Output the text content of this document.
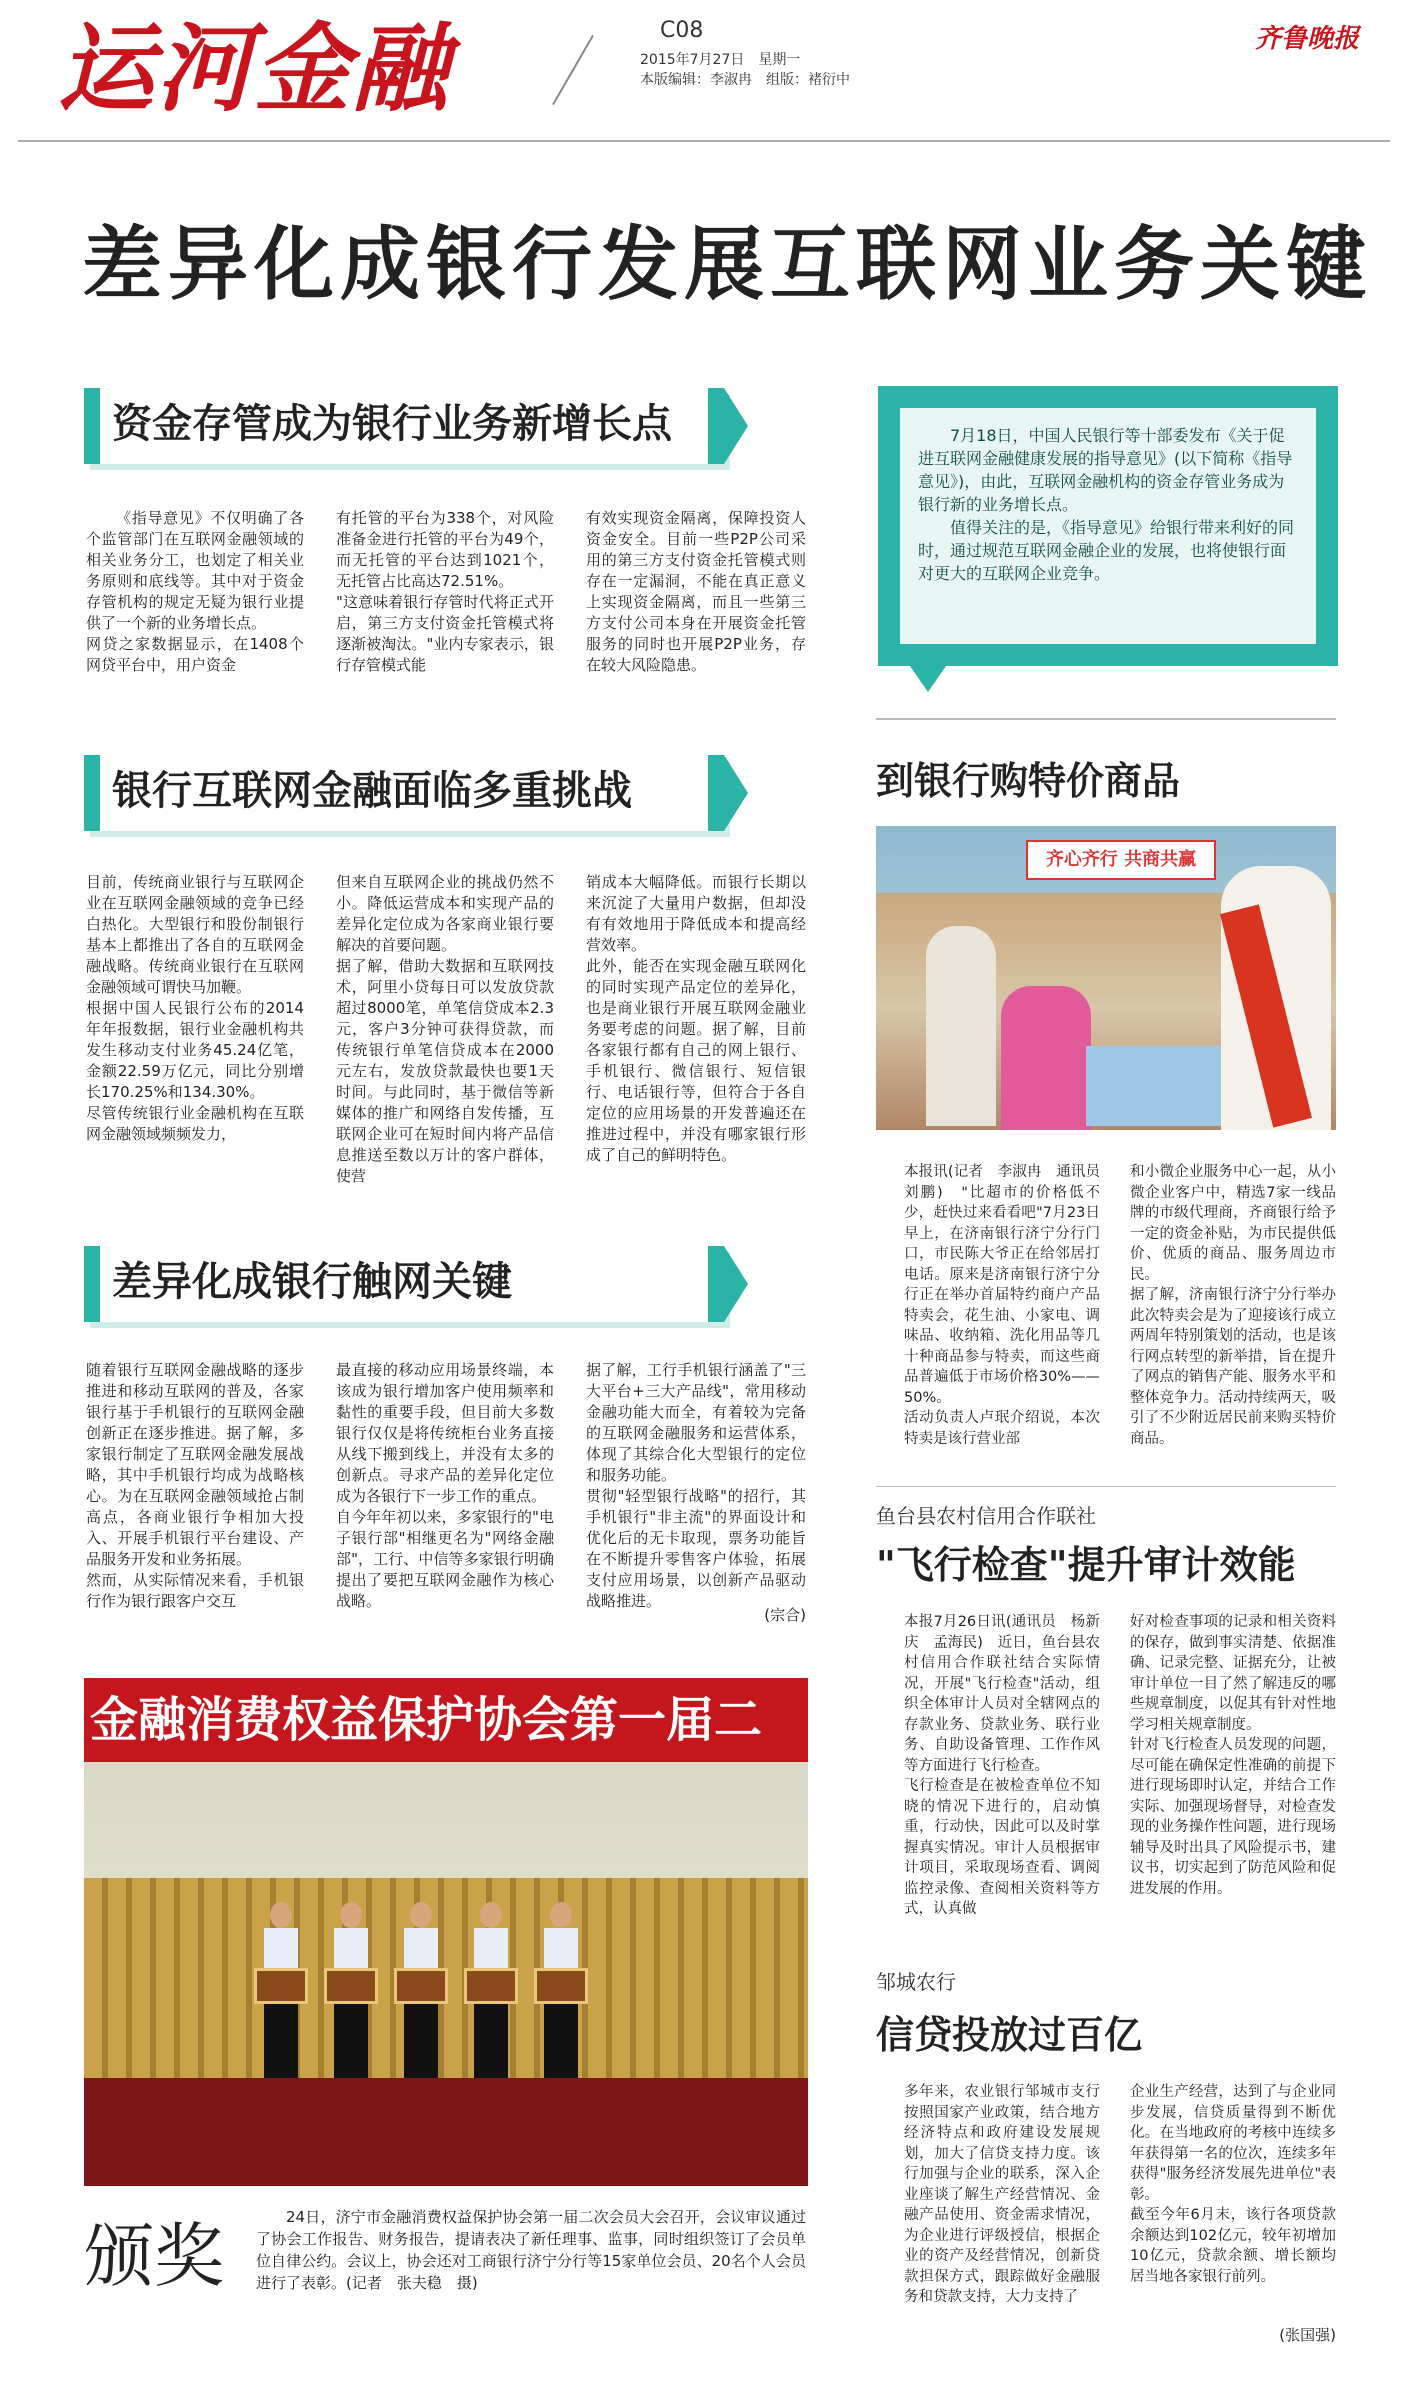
运河金融	C08
2015年7月27日　星期一
本版编辑：李淑冉　组版：褚衍中
齐鲁晚报
差异化成银行发展互联网业务关键
资金存管成为银行业务新增长点
《指导意见》不仅明确了各个监管部门在互联网金融领域的相关业务分工，也划定了相关业务原则和底线等。其中对于资金存管机构的规定无疑为银行业提供了一个新的业务增长点。
网贷之家数据显示，在1408个网贷平台中，用户资金
有托管的平台为338个，对风险准备金进行托管的平台为49个，而无托管的平台达到1021个，无托管占比高达72.51%。
"这意味着银行存管时代将正式开启，第三方支付资金托管模式将逐渐被淘汰。"业内专家表示，银行存管模式能
有效实现资金隔离，保障投资人资金安全。目前一些P2P公司采用的第三方支付资金托管模式则存在一定漏洞，不能在真正意义上实现资金隔离，而且一些第三方支付公司本身在开展资金托管服务的同时也开展P2P业务，存在较大风险隐患。

7月18日，中国人民银行等十部委发布《关于促进互联网金融健康发展的指导意见》(以下简称《指导意见》)，由此，互联网金融机构的资金存管业务成为银行新的业务增长点。

值得关注的是，《指导意见》给银行带来利好的同时，通过规范互联网金融企业的发展，也将使银行面对更大的互联网企业竞争。

银行互联网金融面临多重挑战
目前，传统商业银行与互联网企业在互联网金融领域的竞争已经白热化。大型银行和股份制银行基本上都推出了各自的互联网金融战略。传统商业银行在互联网金融领域可谓快马加鞭。
根据中国人民银行公布的2014年年报数据，银行业金融机构共发生移动支付业务45.24亿笔，金额22.59万亿元，同比分别增长170.25%和134.30%。
尽管传统银行业金融机构在互联网金融领域频频发力，
但来自互联网企业的挑战仍然不小。降低运营成本和实现产品的差异化定位成为各家商业银行要解决的首要问题。
据了解，借助大数据和互联网技术，阿里小贷每日可以发放贷款超过8000笔，单笔信贷成本2.3元，客户3分钟可获得贷款，而传统银行单笔信贷成本在2000元左右，发放贷款最快也要1天时间。与此同时，基于微信等新媒体的推广和网络自发传播，互联网企业可在短时间内将产品信息推送至数以万计的客户群体，使营
销成本大幅降低。而银行长期以来沉淀了大量用户数据，但却没有有效地用于降低成本和提高经营效率。
此外，能否在实现金融互联网化的同时实现产品定位的差异化，也是商业银行开展互联网金融业务要考虑的问题。据了解，目前各家银行都有自己的网上银行、手机银行、微信银行、短信银行、电话银行等，但符合于各自定位的应用场景的开发普遍还在推进过程中，并没有哪家银行形成了自己的鲜明特色。
差异化成银行触网关键
随着银行互联网金融战略的逐步推进和移动互联网的普及，各家银行基于手机银行的互联网金融创新正在逐步推进。据了解，多家银行制定了互联网金融发展战略，其中手机银行均成为战略核心。为在互联网金融领域抢占制高点，各商业银行争相加大投入、开展手机银行平台建设、产品服务开发和业务拓展。
然而，从实际情况来看，手机银行作为银行跟客户交互
最直接的移动应用场景终端，本该成为银行增加客户使用频率和黏性的重要手段，但目前大多数银行仅仅是将传统柜台业务直接从线下搬到线上，并没有太多的创新点。寻求产品的差异化定位成为各银行下一步工作的重点。
自今年年初以来，多家银行的"电子银行部"相继更名为"网络金融部"，工行、中信等多家银行明确提出了要把互联网金融作为核心战略。
据了解，工行手机银行涵盖了"三大平台+三大产品线"，常用移动金融功能大而全，有着较为完备的互联网金融服务和运营体系，体现了其综合化大型银行的定位和服务功能。
贯彻"轻型银行战略"的招行，其手机银行"非主流"的界面设计和优化后的无卡取现，票务功能旨在不断提升零售客户体验，拓展支付应用场景，以创新产品驱动战略推进。
(宗合)
到银行购特价商品
齐心齐行 共商共赢
本报讯(记者　李淑冉　通讯员　刘鹏)　"比超市的价格低不少，赶快过来看看吧"7月23日早上，在济南银行济宁分行门口，市民陈大爷正在给邻居打电话。原来是济南银行济宁分行正在举办首届特约商户产品特卖会，花生油、小家电、调味品、收纳箱、洗化用品等几十种商品参与特卖，而这些商品普遍低于市场价格30%——50%。
活动负责人卢珉介绍说，本次特卖是该行营业部
和小微企业服务中心一起，从小微企业客户中，精选7家一线品牌的市级代理商，齐商银行给予一定的资金补贴，为市民提供低价、优质的商品、服务周边市民。
据了解，济南银行济宁分行举办此次特卖会是为了迎接该行成立两周年特别策划的活动，也是该行网点转型的新举措，旨在提升了网点的销售产能、服务水平和整体竞争力。活动持续两天，吸引了不少附近居民前来购买特价商品。
鱼台县农村信用合作联社
"飞行检查"提升审计效能
本报7月26日讯(通讯员　杨新庆　孟海民)　近日，鱼台县农村信用合作联社结合实际情况，开展"飞行检查"活动，组织全体审计人员对全辖网点的存款业务、贷款业务、联行业务、自助设备管理、工作作风等方面进行飞行检查。
飞行检查是在被检查单位不知晓的情况下进行的，启动慎重，行动快，因此可以及时掌握真实情况。审计人员根据审计项目，采取现场查看、调阅监控录像、查阅相关资料等方式，认真做
好对检查事项的记录和相关资料的保存，做到事实清楚、依据准确、记录完整、证据充分，让被审计单位一目了然了解违反的哪些规章制度，以促其有针对性地学习相关规章制度。
针对飞行检查人员发现的问题，尽可能在确保定性准确的前提下进行现场即时认定，并结合工作实际、加强现场督导，对检查发现的业务操作性问题，进行现场辅导及时出具了风险提示书，建议书，切实起到了防范风险和促进发展的作用。
邹城农行
信贷投放过百亿
多年来，农业银行邹城市支行按照国家产业政策，结合地方经济特点和政府建设发展规划，加大了信贷支持力度。该行加强与企业的联系，深入企业座谈了解生产经营情况、金融产品使用、资金需求情况，为企业进行评级授信，根据企业的资产及经营情况，创新贷款担保方式，跟踪做好金融服务和贷款支持，大力支持了
企业生产经营，达到了与企业同步发展，信贷质量得到不断优化。在当地政府的考核中连续多年获得第一名的位次，连续多年获得"服务经济发展先进单位"表彰。
截至今年6月末，该行各项贷款余额达到102亿元，较年初增加10亿元，贷款余额、增长额均居当地各家银行前列。
(张国强)
金融消费权益保护协会第一届二
颁奖	24日，济宁市金融消费权益保护协会第一届二次会员大会召开，会议审议通过了协会工作报告、财务报告，提请表决了新任理事、监事，同时组织签订了会员单位自律公约。会议上，协会还对工商银行济宁分行等15家单位会员、20名个人会员进行了表彰。(记者　张夫稳　摄)
